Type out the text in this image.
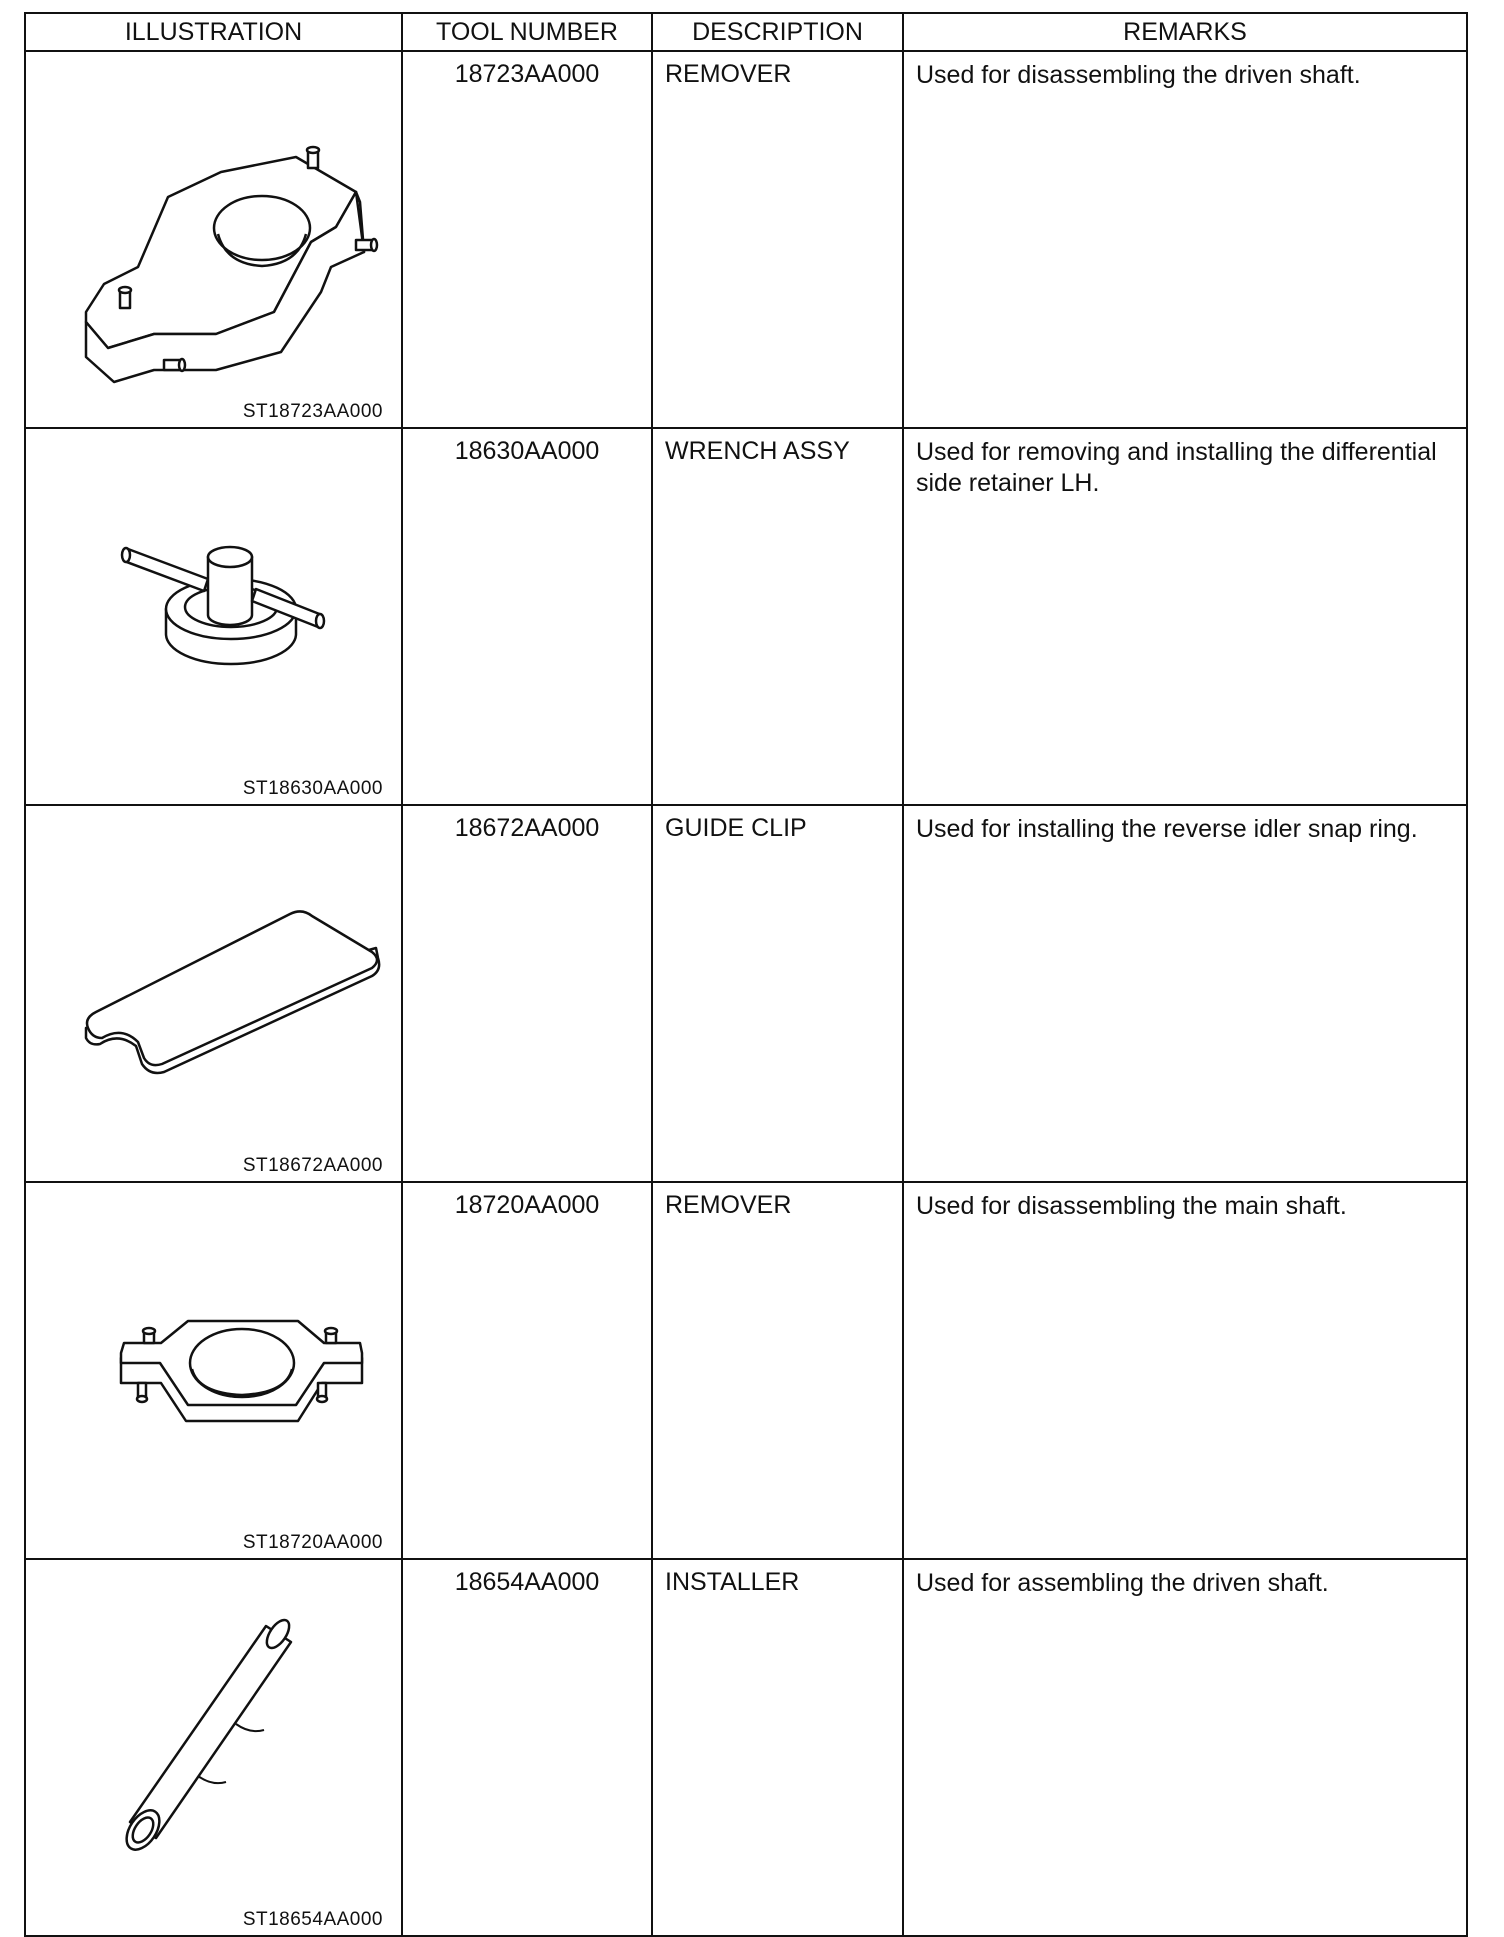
ILLUSTRATION	TOOL NUMBER	DESCRIPTION	REMARKS

ST18723AA000	18723AA000	REMOVER	Used for disassembling the driven shaft.

ST18630AA000	18630AA000	WRENCH ASSY	Used for removing and installing the differential side retainer LH.

ST18672AA000	18672AA000	GUIDE CLIP	Used for installing the reverse idler snap ring.

ST18720AA000	18720AA000	REMOVER	Used for disassembling the main shaft.

ST18654AA000	18654AA000	INSTALLER	Used for assembling the driven shaft.
